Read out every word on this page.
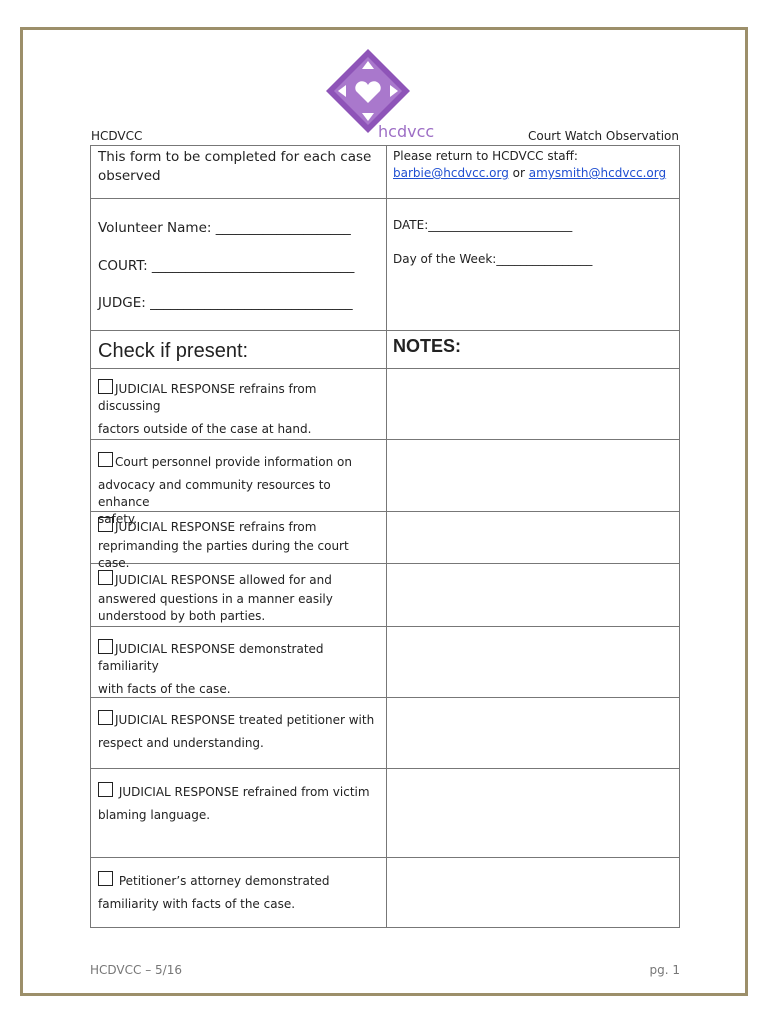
hcdvcc
HCDVCC	Court Watch Observation
This form to be completed for each case observed
Please return to HCDVCC staff:
barbie@hcdvcc.org or amysmith@hcdvcc.org
Volunteer Name: ____________________
COURT: ______________________________
JUDGE: ______________________________
DATE:________________________
Day of the Week:________________
Check if present:	NOTES:
JUDICIAL RESPONSE refrains from discussing
factors outside of the case at hand.
Court personnel provide information on
advocacy and community resources to enhance
safety.
JUDICIAL RESPONSE refrains from
reprimanding the parties during the court case.
JUDICIAL RESPONSE allowed for and
answered questions in a manner easily
understood by both parties.
JUDICIAL RESPONSE demonstrated familiarity
with facts of the case.
JUDICIAL RESPONSE treated petitioner with
respect and understanding.
JUDICIAL RESPONSE refrained from victim
blaming language.
Petitioner’s attorney demonstrated
familiarity with facts of the case.
HCDVCC – 5/16	pg. 1
